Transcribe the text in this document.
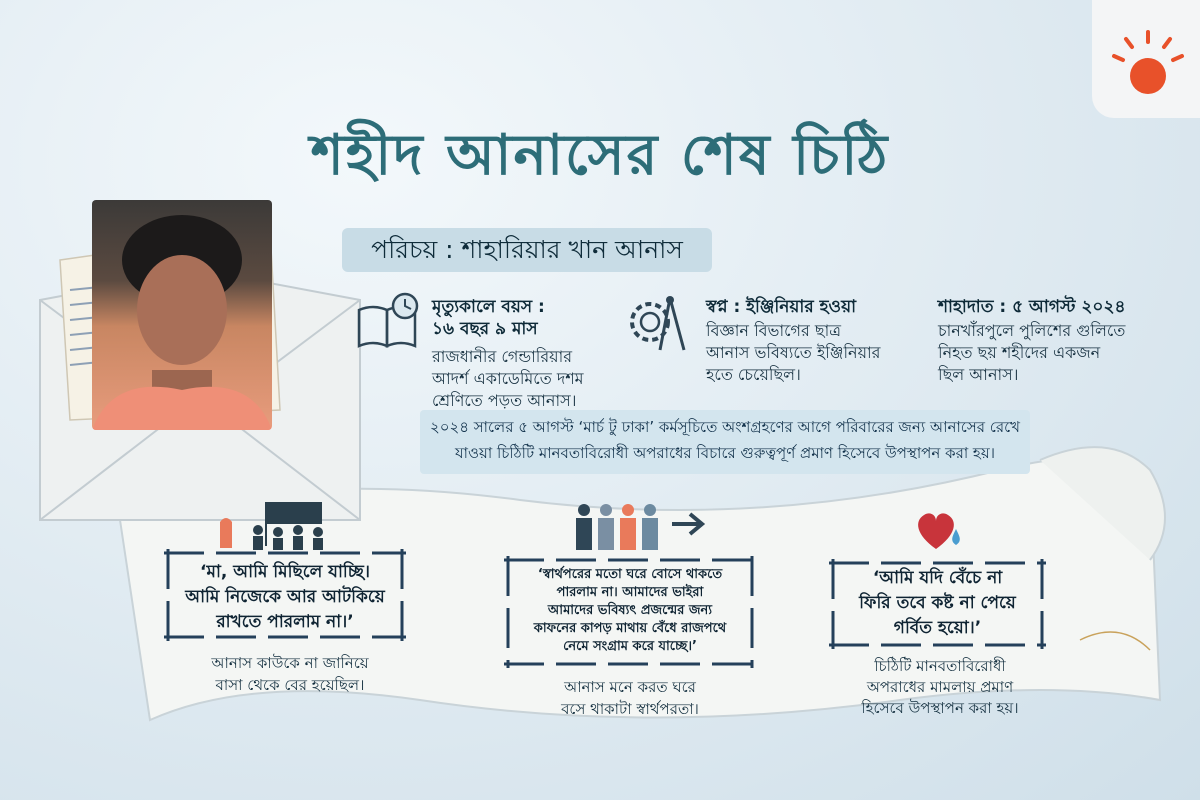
শহীদ আনাসের শেষ চিঠি
পরিচয় : শাহারিয়ার খান আনাস
মৃত্যুকালে বয়স :
১৬ বছর ৯ মাস
রাজধানীর গেন্ডারিয়ার
আদর্শ একাডেমিতে দশম
শ্রেণিতে পড়ত আনাস।
স্বপ্ন : ইঞ্জিনিয়ার হওয়া
বিজ্ঞান বিভাগের ছাত্র
আনাস ভবিষ্যতে ইঞ্জিনিয়ার
হতে চেয়েছিল।
শাহাদাত : ৫ আগস্ট ২০২৪
চানখাঁরপুলে পুলিশের গুলিতে
নিহত ছয় শহীদের একজন
ছিল আনাস।
২০২৪ সালের ৫ আগস্ট ‘মার্চ টু ঢাকা’ কর্মসূচিতে অংশগ্রহণের আগে পরিবারের জন্য আনাসের রেখে
যাওয়া চিঠিটি মানবতাবিরোধী অপরাধের বিচারে গুরুত্বপূর্ণ প্রমাণ হিসেবে উপস্থাপন করা হয়।
‘মা, আমি মিছিলে যাচ্ছি।
আমি নিজেকে আর আটকিয়ে
রাখতে পারলাম না।’
আনাস কাউকে না জানিয়ে
বাসা থেকে বের হয়েছিল।
‘স্বার্থপরের মতো ঘরে বোসে থাকতে
পারলাম না। আমাদের ভাইরা
আমাদের ভবিষ্যৎ প্রজন্মের জন্য
কাফনের কাপড় মাথায় বেঁধে রাজপথে
নেমে সংগ্রাম করে যাচ্ছে।’
আনাস মনে করত ঘরে
বসে থাকাটা স্বার্থপরতা।
‘আমি যদি বেঁচে না
ফিরি তবে কষ্ট না পেয়ে
গর্বিত হয়ো।’
চিঠিটি মানবতাবিরোধী
অপরাধের মামলায় প্রমাণ
হিসেবে উপস্থাপন করা হয়।
